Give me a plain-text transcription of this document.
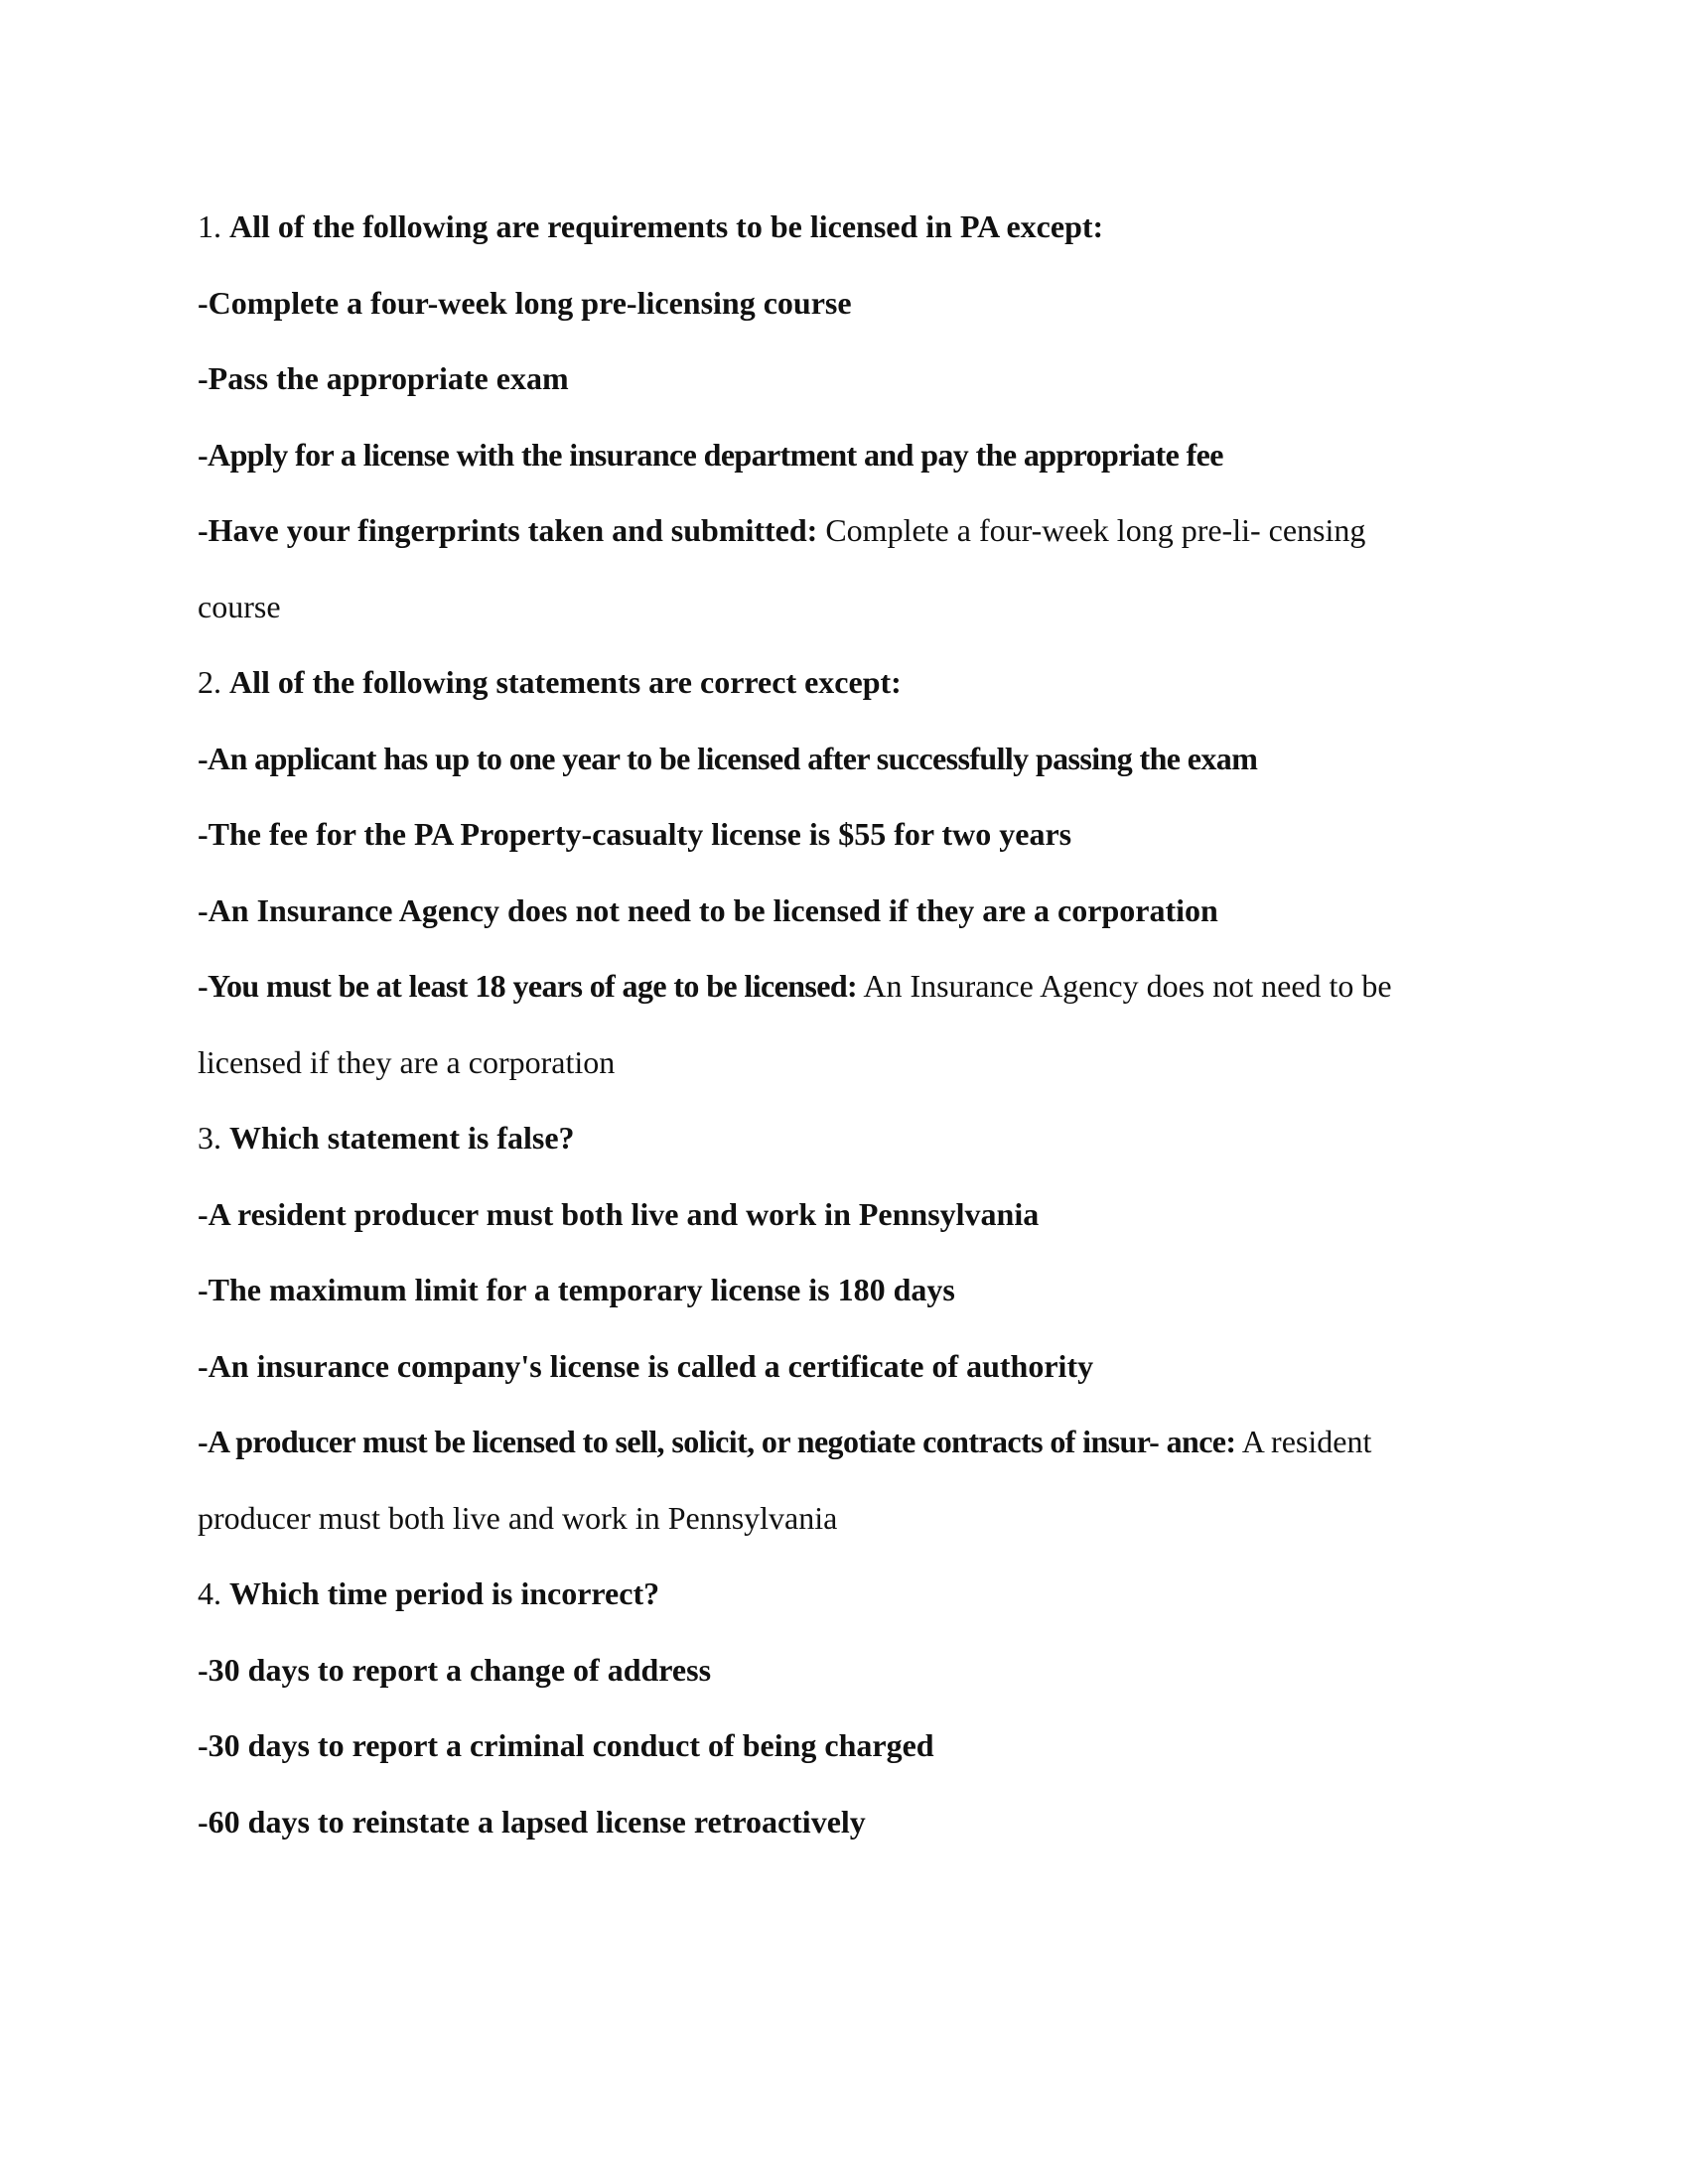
1. All of the following are requirements to be licensed in PA except:
-Complete a four-week long pre-licensing course
-Pass the appropriate exam
-Apply for a license with the insurance department and pay the appropriate fee
-Have your fingerprints taken and submitted: Complete a four-week long pre-li- censing
course
2. All of the following statements are correct except:
-An applicant has up to one year to be licensed after successfully passing the exam
-The fee for the PA Property-casualty license is $55 for two years
-An Insurance Agency does not need to be licensed if they are a corporation
-You must be at least 18 years of age to be licensed: An Insurance Agency does not need to be
licensed if they are a corporation
3. Which statement is false?
-A resident producer must both live and work in Pennsylvania
-The maximum limit for a temporary license is 180 days
-An insurance company's license is called a certificate of authority
-A producer must be licensed to sell, solicit, or negotiate contracts of insur- ance: A resident
producer must both live and work in Pennsylvania
4. Which time period is incorrect?
-30 days to report a change of address
-30 days to report a criminal conduct of being charged
-60 days to reinstate a lapsed license retroactively
